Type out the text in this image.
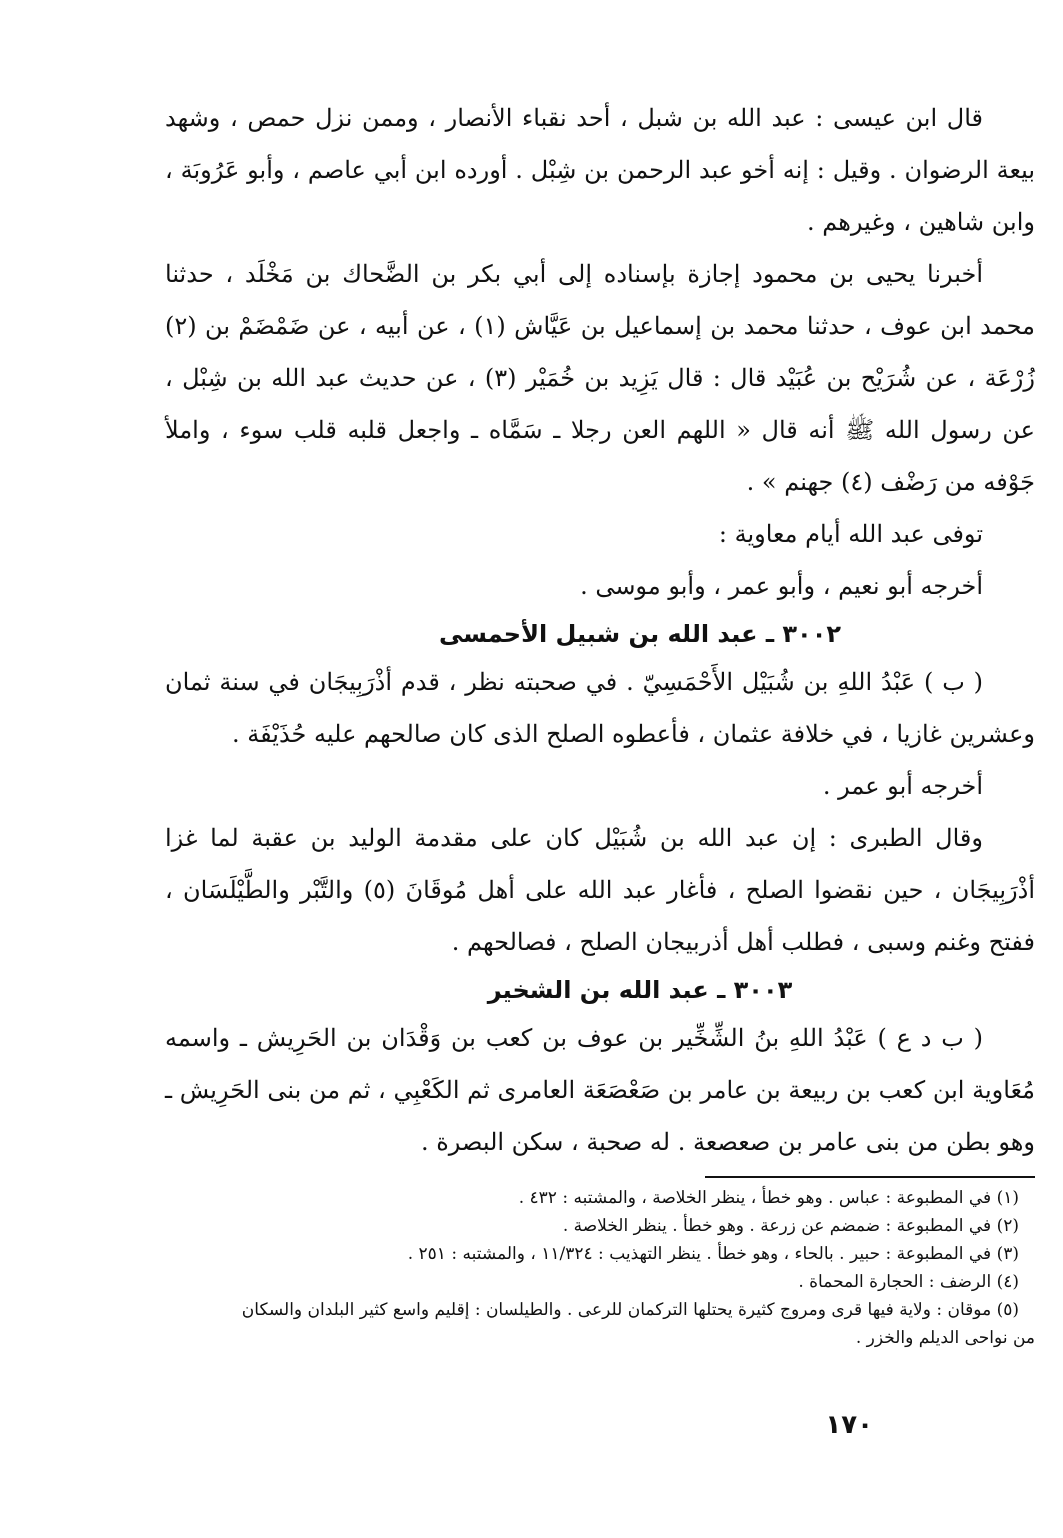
قال ابن عيسى : عبد الله بن شبل ، أحد نقباء الأنصار ، وممن نزل حمص ، وشهد بيعة الرضوان . وقيل : إنه أخو عبد الرحمن بن شِبْل . أورده ابن أبي عاصم ، وأبو عَرُوبَة ، وابن شاهين ، وغيرهم .

أخبرنا يحيى بن محمود إجازة بإسناده إلى أبي بكر بن الضَّحاك بن مَخْلَد ، حدثنا محمد ابن عوف ، حدثنا محمد بن إسماعيل بن عَيَّاش (١) ، عن أبيه ، عن ضَمْضَمْ بن (٢) زُرْعَة ، عن شُرَيْح بن عُبَيْد قال : قال يَزِيد بن خُمَيْر (٣) ، عن حديث عبد الله بن شِبْل ، عن رسول الله ﷺ أنه قال « اللهم العن رجلا ـ سَمَّاه ـ واجعل قلبه قلب سوء ، واملأ جَوْفه من رَضْف (٤) جهنم » .

توفى عبد الله أيام معاوية :

أخرجه أبو نعيم ، وأبو عمر ، وأبو موسى .

٣٠٠٢ ـ عبد الله بن شبيل الأحمسى

( ب ) عَبْدُ اللهِ بن شُبَيْل الأَحْمَسِيّ . في صحبته نظر ، قدم أذْرَبِيجَان في سنة ثمان وعشرين غازيا ، في خلافة عثمان ، فأعطوه الصلح الذى كان صالحهم عليه حُذَيْفَة .

أخرجه أبو عمر .

وقال الطبرى : إن عبد الله بن شُبَيْل كان على مقدمة الوليد بن عقبة لما غزا أذْرَبِيجَان ، حين نقضوا الصلح ، فأغار عبد الله على أهل مُوقَانَ (٥) والتَّبْر والطَّيْلَسَان ، ففتح وغنم وسبى ، فطلب أهل أذربيجان الصلح ، فصالحهم .

٣٠٠٣ ـ عبد الله بن الشخير

( ب د ع ) عَبْدُ اللهِ بنُ الشِّخِّير بن عوف بن كعب بن وَقْدَان بن الحَرِيش ـ واسمه مُعَاوية ابن كعب بن ربيعة بن عامر بن صَعْصَعَة العامرى ثم الكَعْبِي ، ثم من بنى الحَرِيش ـ وهو بطن من بنى عامر بن صعصعة . له صحبة ، سكن البصرة .

(١) في المطبوعة : عباس . وهو خطأ ، ينظر الخلاصة ، والمشتبه : ٤٣٢ .
(٢) في المطبوعة : ضمضم عن زرعة . وهو خطأ . ينظر الخلاصة .
(٣) في المطبوعة : حبير . بالحاء ، وهو خطأ . ينظر التهذيب : ١١/٣٢٤ ، والمشتبه : ٢٥١ .
(٤) الرضف : الحجارة المحماة .
(٥) موقان : ولاية فيها قرى ومروج كثيرة يحتلها التركمان للرعى . والطيلسان : إقليم واسع كثير البلدان والسكان
من نواحى الديلم والخزر .
١٧٠
